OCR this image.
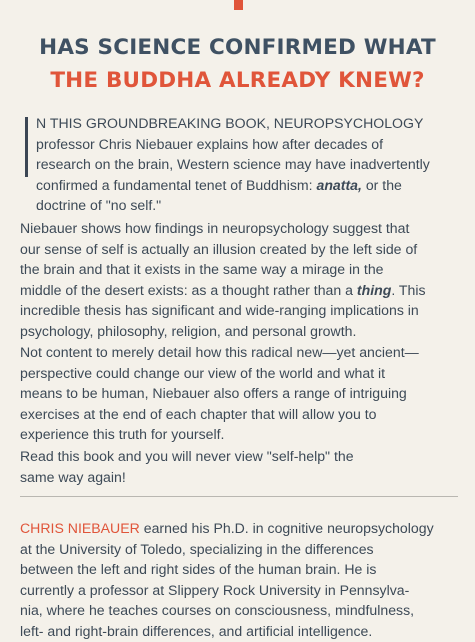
HAS SCIENCE CONFIRMED WHAT
THE BUDDHA ALREADY KNEW?
N THIS GROUNDBREAKING BOOK, NEUROPSYCHOLOGY
professor Chris Niebauer explains how after decades of
research on the brain, Western science may have inadvertently
confirmed a fundamental tenet of Buddhism: anatta, or the
doctrine of "no self."
Niebauer shows how findings in neuropsychology suggest that
our sense of self is actually an illusion created by the left side of
the brain and that it exists in the same way a mirage in the
middle of the desert exists: as a thought rather than a thing. This
incredible thesis has significant and wide-ranging implications in
psychology, philosophy, religion, and personal growth.
Not content to merely detail how this radical new—yet ancient—
perspective could change our view of the world and what it
means to be human, Niebauer also offers a range of intriguing
exercises at the end of each chapter that will allow you to
experience this truth for yourself.
Read this book and you will never view "self-help" the
same way again!
CHRIS NIEBAUER earned his Ph.D. in cognitive neuropsychology
at the University of Toledo, specializing in the differences
between the left and right sides of the human brain. He is
currently a professor at Slippery Rock University in Pennsylva-
nia, where he teaches courses on consciousness, mindfulness,
left- and right-brain differences, and artificial intelligence.
